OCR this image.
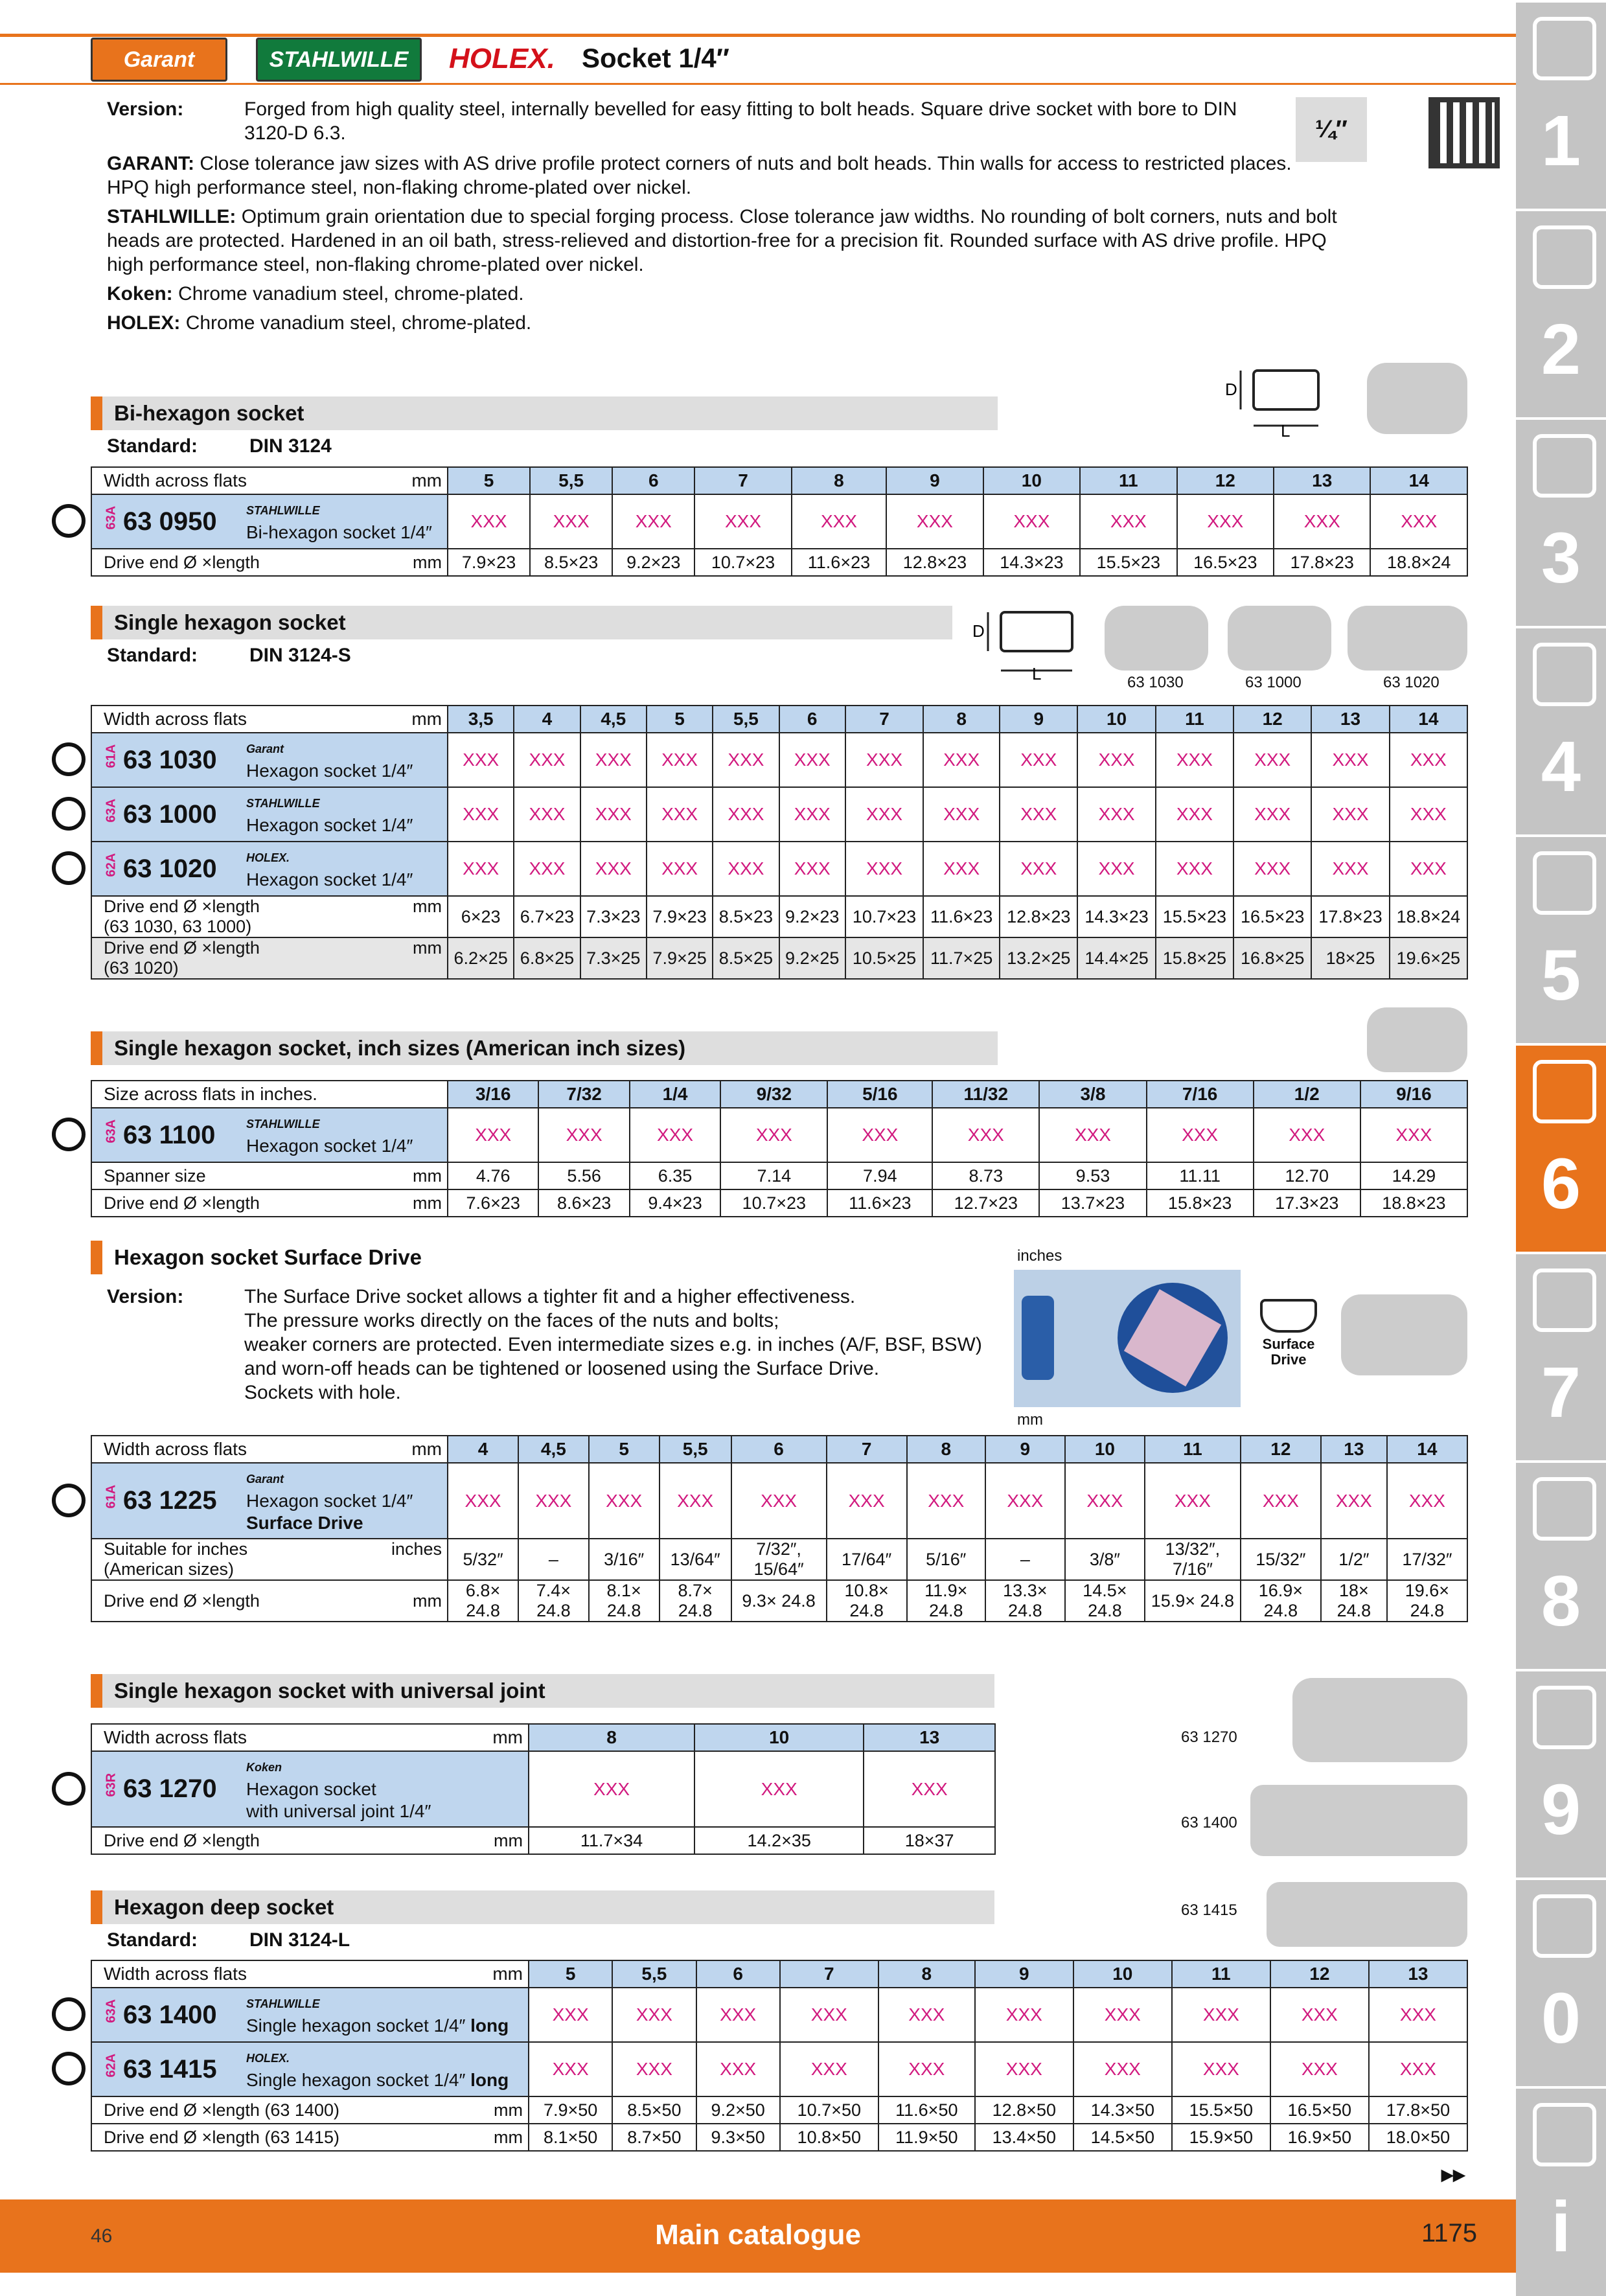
Garant	STAHLWILLE	HOLEX. Socket 1/4″
Version:	Forged from high quality steel, internally bevelled for easy fitting to bolt heads. Square drive socket with bore to DIN 3120-D 6.3.
GARANT: Close tolerance jaw sizes with AS drive profile protect corners of nuts and bolt heads. Thin walls for access to restricted places. HPQ high performance steel, non-flaking chrome-plated over nickel.
STAHLWILLE: Optimum grain orientation due to special forging process. Close tolerance jaw widths. No rounding of bolt corners, nuts and bolt heads are protected. Hardened in an oil bath, stress-relieved and distortion-free for a precision fit. Rounded surface with AS drive profile. HPQ high performance steel, non-flaking chrome-plated over nickel.
Koken: Chrome vanadium steel, chrome-plated.
HOLEX: Chrome vanadium steel, chrome-plated.
¼″
Bi-hexagon socket
Standard:	DIN 3124
D
L
mm
Width across flats	5	5,5	6	7	8	9	10	11	12	13	14

63A 63 0950 STAHLWILLE
Bi-hexagon socket 1/4″	XXX	XXX	XXX	XXX	XXX	XXX	XXX	XXX	XXX	XXX	XXX

mm
Drive end Ø ×length	7.9×23	8.5×23	9.2×23	10.7×23	11.6×23	12.8×23	14.3×23	15.5×23	16.5×23	17.8×23	18.8×24
Single hexagon socket
Standard:	DIN 3124-S
D
L	63 1030	63 1000	63 1020
mm
Width across flats	3,5	4	4,5	5	5,5	6	7	8	9	10	11	12	13	14

61A 63 1030 Garant
Hexagon socket 1/4″	XXX	XXX	XXX	XXX	XXX	XXX	XXX	XXX	XXX	XXX	XXX	XXX	XXX	XXX

63A 63 1000 STAHLWILLE
Hexagon socket 1/4″	XXX	XXX	XXX	XXX	XXX	XXX	XXX	XXX	XXX	XXX	XXX	XXX	XXX	XXX

62A 63 1020 HOLEX.
Hexagon socket 1/4″	XXX	XXX	XXX	XXX	XXX	XXX	XXX	XXX	XXX	XXX	XXX	XXX	XXX	XXX

mm
Drive end Ø ×length
(63 1030, 63 1000)	6×23	6.7×23	7.3×23	7.9×23	8.5×23	9.2×23	10.7×23	11.6×23	12.8×23	14.3×23	15.5×23	16.5×23	17.8×23	18.8×24

mm
Drive end Ø ×length
(63 1020)	6.2×25	6.8×25	7.3×25	7.9×25	8.5×25	9.2×25	10.5×25	11.7×25	13.2×25	14.4×25	15.8×25	16.8×25	18×25	19.6×25
Single hexagon socket, inch sizes (American inch sizes)
Size across flats in inches.	3/16	7/32	1/4	9/32	5/16	11/32	3/8	7/16	1/2	9/16

63A 63 1100 STAHLWILLE
Hexagon socket 1/4″	XXX	XXX	XXX	XXX	XXX	XXX	XXX	XXX	XXX	XXX

mm
Spanner size	4.76	5.56	6.35	7.14	7.94	8.73	9.53	11.11	12.70	14.29

mm
Drive end Ø ×length	7.6×23	8.6×23	9.4×23	10.7×23	11.6×23	12.7×23	13.7×23	15.8×23	17.3×23	18.8×23
Hexagon socket Surface Drive
Version:	The Surface Drive socket allows a tighter fit and a higher effectiveness.
The pressure works directly on the faces of the nuts and bolts;
weaker corners are protected. Even intermediate sizes e.g. in inches (A/F, BSF, BSW)
and worn-off heads can be tightened or loosened using the Surface Drive.
Sockets with hole.
inches
mm
Surface
Drive
mm
Width across flats	4	4,5	5	5,5	6	7	8	9	10	11	12	13	14

61A 63 1225
Garant
Hexagon socket 1/4″
Surface Drive	XXX	XXX	XXX	XXX	XXX	XXX	XXX	XXX	XXX	XXX	XXX	XXX	XXX

inches
Suitable for inches
(American sizes)	5/32″	–	3/16″	13/64″	7/32″, 15/64″	17/64″	5/16″	–	3/8″	13/32″, 7/16″	15/32″	1/2″	17/32″

mm
Drive end Ø ×length	6.8× 24.8	7.4× 24.8	8.1× 24.8	8.7× 24.8	9.3× 24.8	10.8× 24.8	11.9× 24.8	13.3× 24.8	14.5× 24.8	15.9× 24.8	16.9× 24.8	18× 24.8	19.6× 24.8
Single hexagon socket with universal joint
mm
Width across flats	8	10	13

63R 63 1270
Koken
Hexagon socket
with universal joint 1/4″	XXX	XXX	XXX

mm
Drive end Ø ×length	11.7×34	14.2×35	18×37
63 1270
63 1400
63 1415
Hexagon deep socket
Standard:	DIN 3124-L
mm
Width across flats	5	5,5	6	7	8	9	10	11	12	13

63A 63 1400 STAHLWILLE
Single hexagon socket 1/4″ long	XXX	XXX	XXX	XXX	XXX	XXX	XXX	XXX	XXX	XXX

62A 63 1415 HOLEX.
Single hexagon socket 1/4″ long	XXX	XXX	XXX	XXX	XXX	XXX	XXX	XXX	XXX	XXX

mm
Drive end Ø ×length (63 1400)	7.9×50	8.5×50	9.2×50	10.7×50	11.6×50	12.8×50	14.3×50	15.5×50	16.5×50	17.8×50

mm
Drive end Ø ×length (63 1415)	8.1×50	8.7×50	9.3×50	10.8×50	11.9×50	13.4×50	14.5×50	15.9×50	16.9×50	18.0×50
▸▸
1
2
3
4
5
6
7
8
9
0
i
46	Main catalogue	1175
